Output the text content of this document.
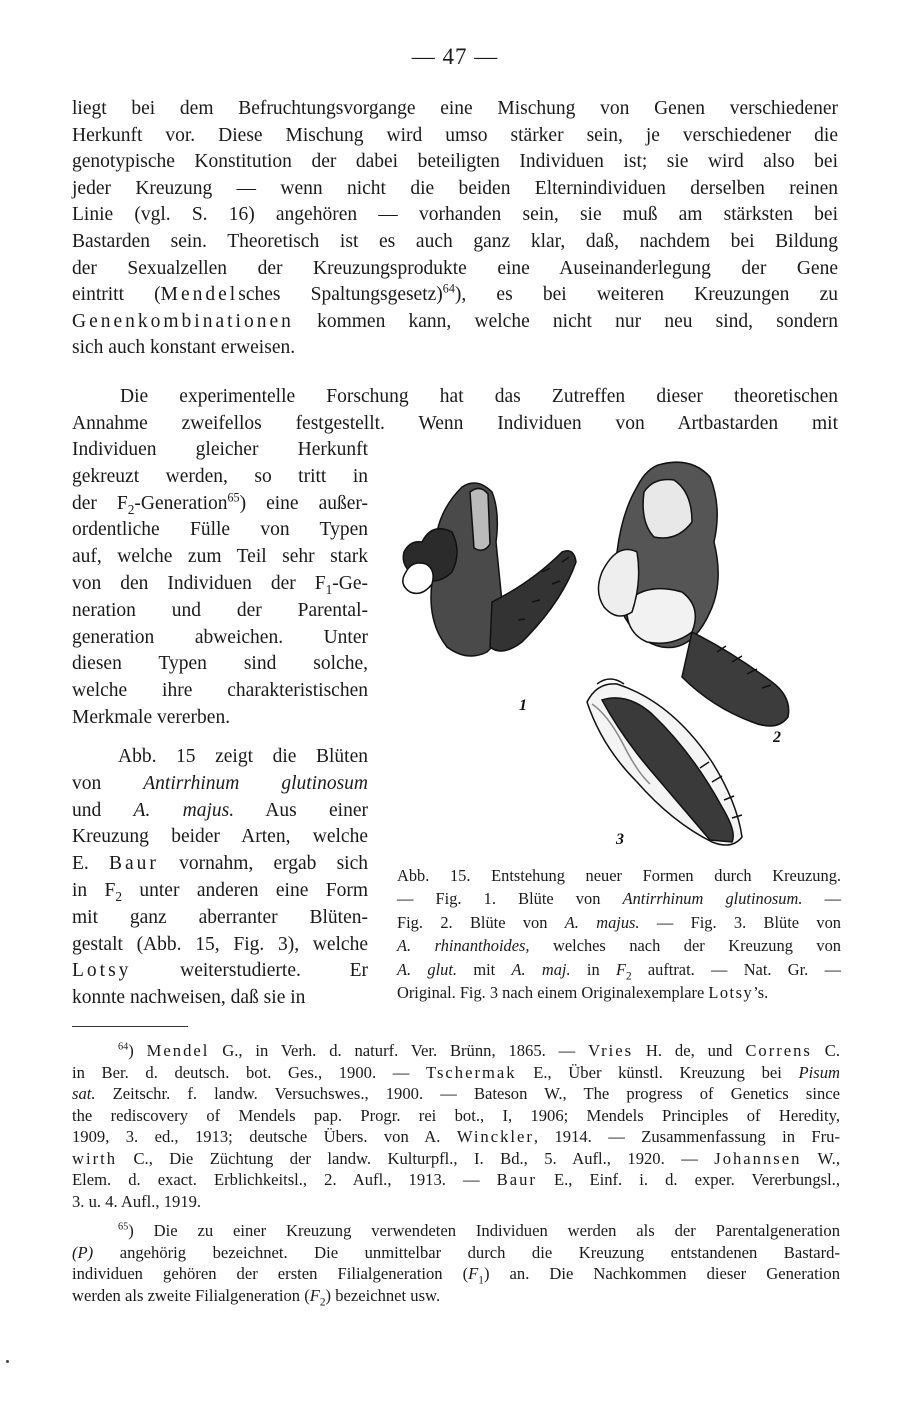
— 47 —
liegt bei dem Befruchtungsvorgange eine Mischung von Genen verschiedener
Herkunft vor. Diese Mischung wird umso stärker sein, je verschiedener die
genotypische Konstitution der dabei beteiligten Individuen ist; sie wird also bei
jeder Kreuzung — wenn nicht die beiden Elternindividuen derselben reinen
Linie (vgl. S. 16) angehören — vorhanden sein, sie muß am stärksten bei
Bastarden sein. Theoretisch ist es auch ganz klar, daß, nachdem bei Bildung
der Sexualzellen der Kreuzungsprodukte eine Auseinanderlegung der Gene
eintritt (Mendelsches Spaltungsgesetz)$^{64}$), es bei weiteren Kreuzungen zu
Genenkombinationen kommen kann, welche nicht nur neu sind, sondern
sich auch konstant erweisen.
Die experimentelle Forschung hat das Zutreffen dieser theoretischen
Annahme zweifellos festgestellt. Wenn Individuen von Artbastarden mit
Individuen gleicher Herkunft
gekreuzt werden, so tritt in
der $F_2-Generation^{65}$) eine außer-
ordentliche Fülle von Typen
auf, welche zum Teil sehr stark
von den Individuen der $F_1-Ge-$
neration und der Parental-
generation abweichen. Unter
diesen Typen sind solche,
welche ihre charakteristischen
Merkmale vererben.
Abb. 15 zeigt die Blüten
von Antirrhinum glutinosum
und A. majus. Aus einer
Kreuzung beider Arten, welche
E. Baur vornahm, ergab sich
in $F_2$ unter anderen eine Form
mit ganz aberranter Blüten-
gestalt (Abb. 15, Fig. 3), welche
Lotsy weiterstudierte. Er
konnte nachweisen, daß sie in
1
2
3
Abb. 15. Entstehung neuer Formen durch Kreuzung.
— Fig. 1. Blüte von Antirrhinum glutinosum. —
Fig. 2. Blüte von A. majus. — Fig. 3. Blüte von
A. rhinanthoides, welches nach der Kreuzung von
A. glut. mit A. maj. in $F_2$ auftrat. — Nat. Gr. —
Original. Fig. 3 nach einem Originalexemplare Lotsy’s.
$^{64}$) Mendel G., in Verh. d. naturf. Ver. Brünn, 1865. — Vries H. de, und Correns C.
in Ber. d. deutsch. bot. Ges., 1900. — Tschermak E., Über künstl. Kreuzung bei Pisum
sat. Zeitschr. f. landw. Versuchswes., 1900. — Bateson W., The progress of Genetics since
the rediscovery of Mendels pap. Progr. rei bot., I, 1906; Mendels Principles of Heredity,
1909, 3. ed., 1913; deutsche Übers. von A. Winckler, 1914. — Zusammenfassung in Fru-
wirth C., Die Züchtung der landw. Kulturpfl., I. Bd., 5. Aufl., 1920. — Johannsen W.,
Elem. d. exact. Erblichkeitsl., 2. Aufl., 1913. — Baur E., Einf. i. d. exper. Vererbungsl.,
3. u. 4. Aufl., 1919.
$^{65}$) Die zu einer Kreuzung verwendeten Individuen werden als der Parentalgeneration
(P) angehörig bezeichnet. Die unmittelbar durch die Kreuzung entstandenen Bastard-
individuen gehören der ersten Filialgeneration $(F_1)$ an. Die Nachkommen dieser Generation
werden als zweite Filialgeneration $(F_2)$ bezeichnet usw.
